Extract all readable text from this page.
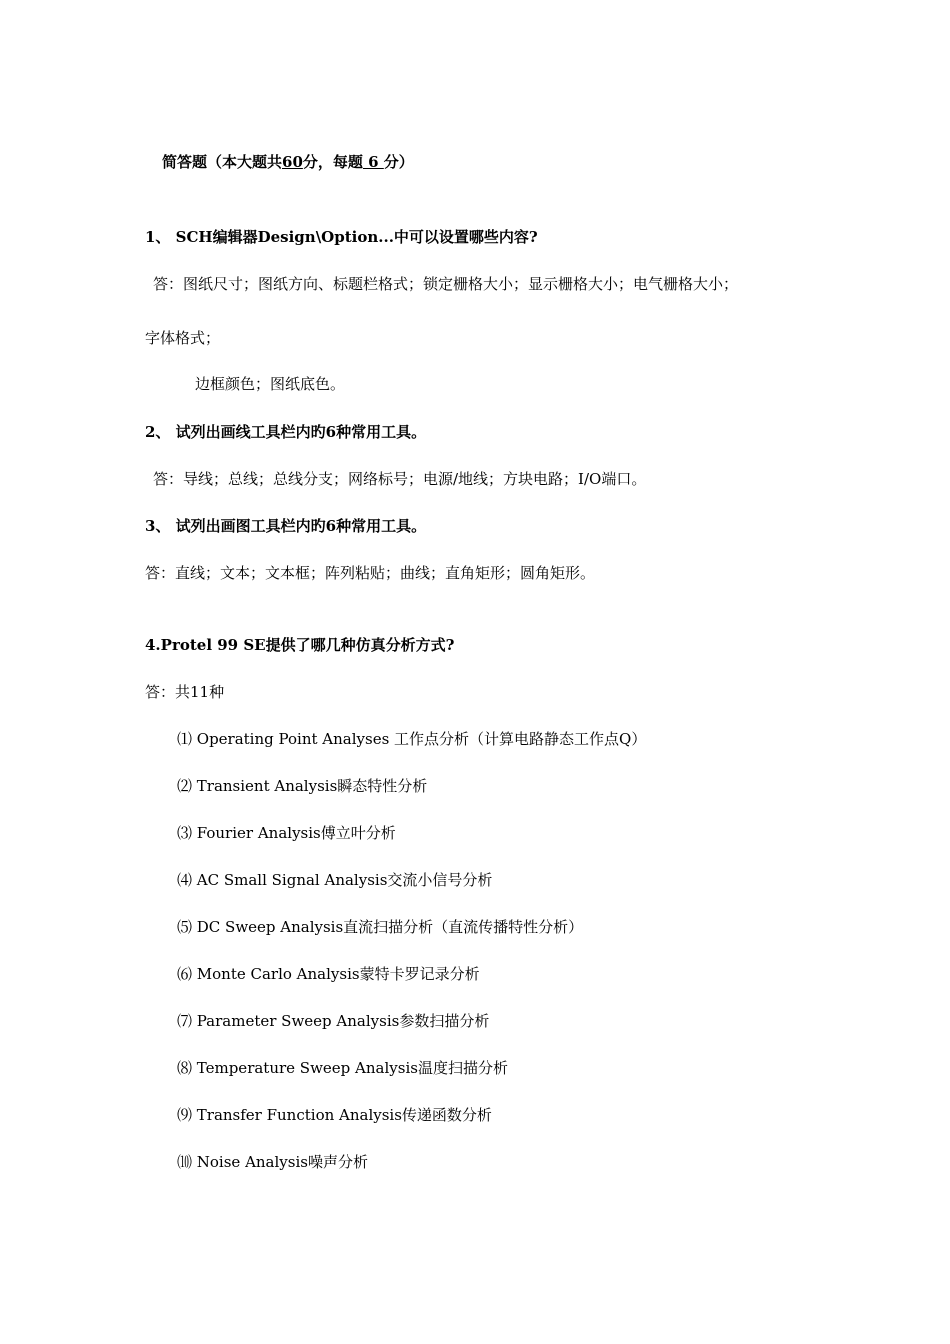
简答题（本大题共60分，每题 6 分）
1、 SCH编辑器Design\Option...中可以设置哪些内容?
答：图纸尺寸；图纸方向、标题栏格式；锁定栅格大小；显示栅格大小；电气栅格大小；
字体格式；
边框颜色；图纸底色。
2、 试列出画线工具栏内旳6种常用工具。
答：导线；总线；总线分支；网络标号；电源/地线；方块电路；I/O端口。
3、 试列出画图工具栏内旳6种常用工具。
答：直线；文本；文本框；阵列粘贴；曲线；直角矩形；圆角矩形。
4.Protel 99 SE提供了哪几种仿真分析方式?
答：共11种
⑴ Operating Point Analyses 工作点分析（计算电路静态工作点Q）
⑵ Transient Analysis瞬态特性分析
⑶ Fourier Analysis傅立叶分析
⑷ AC Small Signal Analysis交流小信号分析
⑸ DC Sweep Analysis直流扫描分析（直流传播特性分析）
⑹ Monte Carlo Analysis蒙特卡罗记录分析
⑺ Parameter Sweep Analysis参数扫描分析
⑻ Temperature Sweep Analysis温度扫描分析
⑼ Transfer Function Analysis传递函数分析
⑽ Noise Analysis噪声分析
